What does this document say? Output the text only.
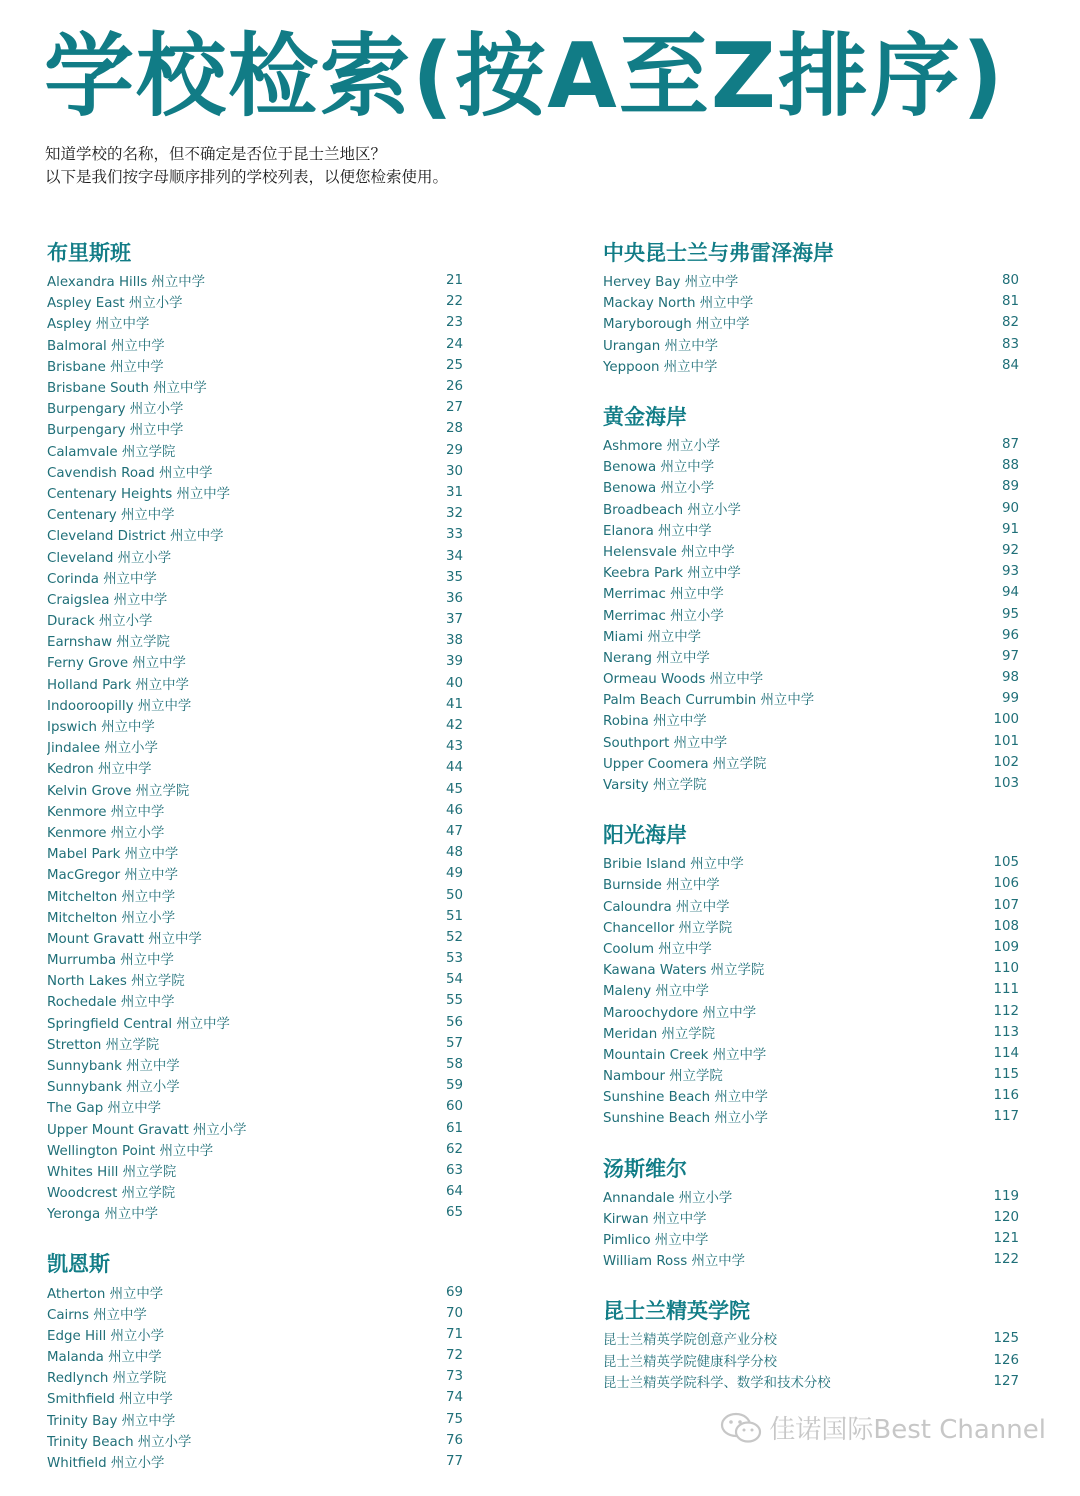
学校检索(按A至Z排序)
知道学校的名称，但不确定是否位于昆士兰地区？
以下是我们按字母顺序排列的学校列表，以便您检索使用。
布里斯班
Alexandra Hills 州立中学	21
Aspley East 州立小学	22
Aspley 州立中学	23
Balmoral 州立中学	24
Brisbane 州立中学	25
Brisbane South 州立中学	26
Burpengary 州立小学	27
Burpengary 州立中学	28
Calamvale 州立学院	29
Cavendish Road 州立中学	30
Centenary Heights 州立中学	31
Centenary 州立中学	32
Cleveland District 州立中学	33
Cleveland 州立小学	34
Corinda 州立中学	35
Craigslea 州立中学	36
Durack 州立小学	37
Earnshaw 州立学院	38
Ferny Grove 州立中学	39
Holland Park 州立中学	40
Indooroopilly 州立中学	41
Ipswich 州立中学	42
Jindalee 州立小学	43
Kedron 州立中学	44
Kelvin Grove 州立学院	45
Kenmore 州立中学	46
Kenmore 州立小学	47
Mabel Park 州立中学	48
MacGregor 州立中学	49
Mitchelton 州立中学	50
Mitchelton 州立小学	51
Mount Gravatt 州立中学	52
Murrumba 州立中学	53
North Lakes 州立学院	54
Rochedale 州立中学	55
Springfield Central 州立中学	56
Stretton 州立学院	57
Sunnybank 州立中学	58
Sunnybank 州立小学	59
The Gap 州立中学	60
Upper Mount Gravatt 州立小学	61
Wellington Point 州立中学	62
Whites Hill 州立学院	63
Woodcrest 州立学院	64
Yeronga 州立中学	65
凯恩斯
Atherton 州立中学	69
Cairns 州立中学	70
Edge Hill 州立小学	71
Malanda 州立中学	72
Redlynch 州立学院	73
Smithfield 州立中学	74
Trinity Bay 州立中学	75
Trinity Beach 州立小学	76
Whitfield 州立小学	77
中央昆士兰与弗雷泽海岸
Hervey Bay 州立中学	80
Mackay North 州立中学	81
Maryborough 州立中学	82
Urangan 州立中学	83
Yeppoon 州立中学	84
黄金海岸
Ashmore 州立小学	87
Benowa 州立中学	88
Benowa 州立小学	89
Broadbeach 州立小学	90
Elanora 州立中学	91
Helensvale 州立中学	92
Keebra Park 州立中学	93
Merrimac 州立中学	94
Merrimac 州立小学	95
Miami 州立中学	96
Nerang 州立中学	97
Ormeau Woods 州立中学	98
Palm Beach Currumbin 州立中学	99
Robina 州立中学	100
Southport 州立中学	101
Upper Coomera 州立学院	102
Varsity 州立学院	103
阳光海岸
Bribie Island 州立中学	105
Burnside 州立中学	106
Caloundra 州立中学	107
Chancellor 州立学院	108
Coolum 州立中学	109
Kawana Waters 州立学院	110
Maleny 州立中学	111
Maroochydore 州立中学	112
Meridan 州立学院	113
Mountain Creek 州立中学	114
Nambour 州立学院	115
Sunshine Beach 州立中学	116
Sunshine Beach 州立小学	117
汤斯维尔
Annandale 州立小学	119
Kirwan 州立中学	120
Pimlico 州立中学	121
William Ross 州立中学	122
昆士兰精英学院
昆士兰精英学院创意产业分校	125
昆士兰精英学院健康科学分校	126
昆士兰精英学院科学、数学和技术分校	127
佳诺国际Best Channel
